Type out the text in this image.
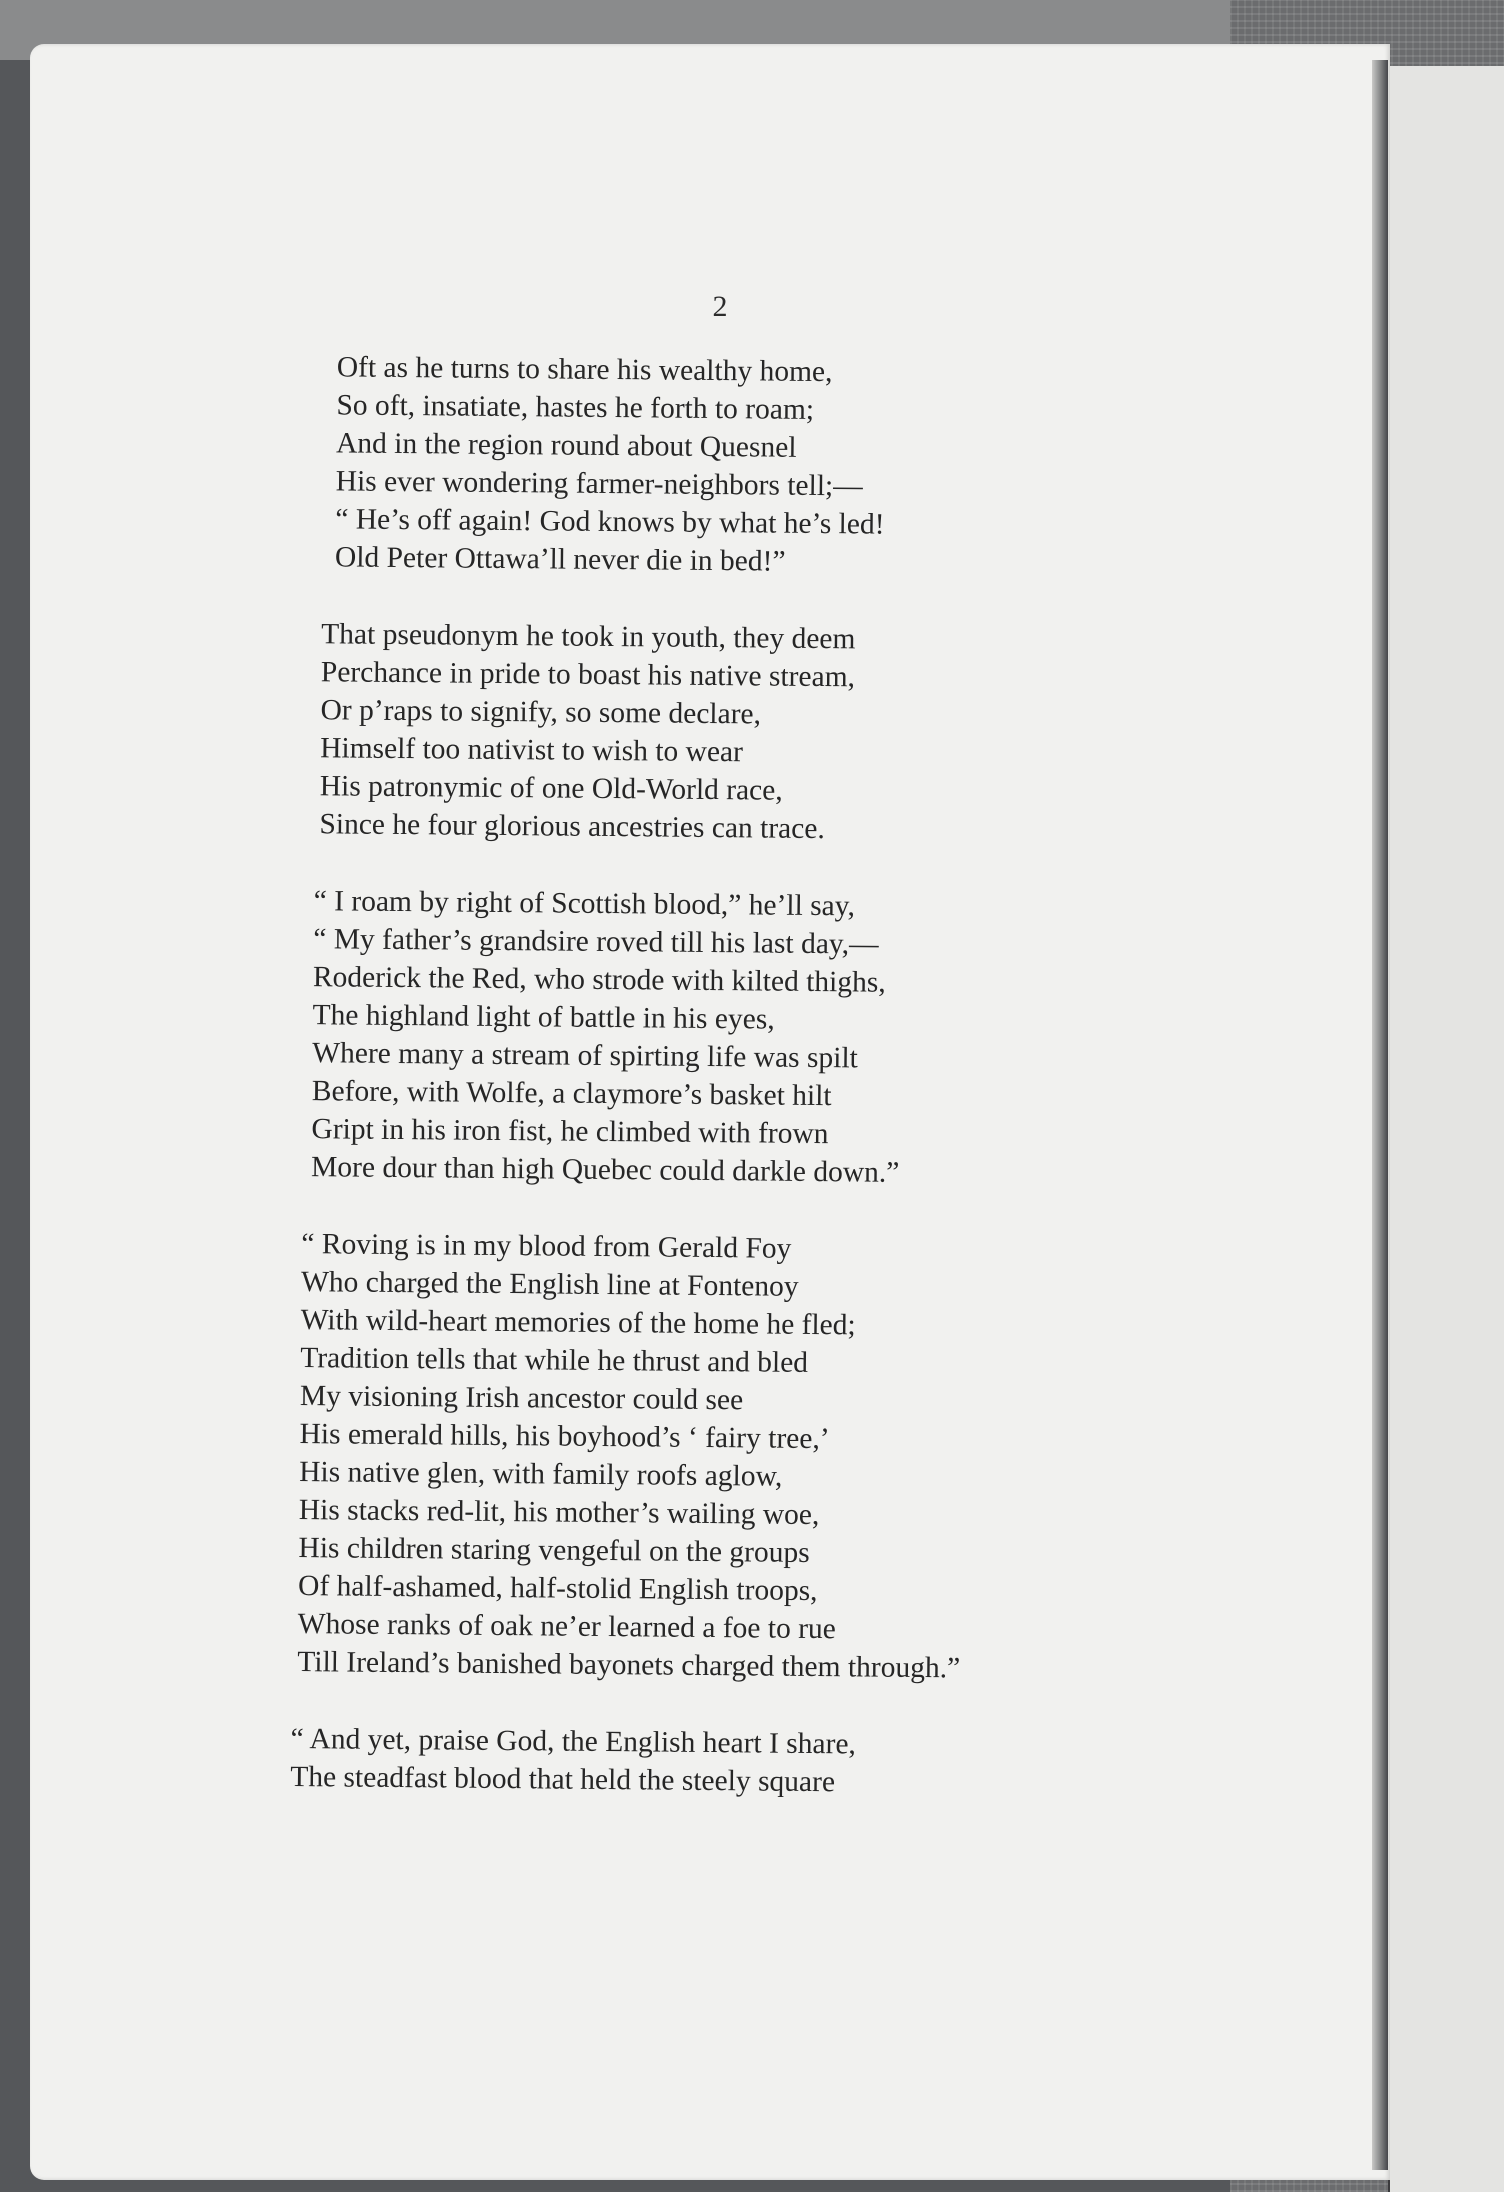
2
Oft as he turns to share his wealthy home,
So oft, insatiate, hastes he forth to roam;
And in the region round about Quesnel
His ever wondering farmer-neighbors tell;—
“ He’s off again! God knows by what he’s led!
Old Peter Ottawa’ll never die in bed!”
That pseudonym he took in youth, they deem
Perchance in pride to boast his native stream,
Or p’raps to signify, so some declare,
Himself too nativist to wish to wear
His patronymic of one Old-World race,
Since he four glorious ancestries can trace.
“ I roam by right of Scottish blood,” he’ll say,
“ My father’s grandsire roved till his last day,—
Roderick the Red, who strode with kilted thighs,
The highland light of battle in his eyes,
Where many a stream of spirting life was spilt
Before, with Wolfe, a claymore’s basket hilt
Gript in his iron fist, he climbed with frown
More dour than high Quebec could darkle down.”
“ Roving is in my blood from Gerald Foy
Who charged the English line at Fontenoy
With wild-heart memories of the home he fled;
Tradition tells that while he thrust and bled
My visioning Irish ancestor could see
His emerald hills, his boyhood’s ‘ fairy tree,’
His native glen, with family roofs aglow,
His stacks red-lit, his mother’s wailing woe,
His children staring vengeful on the groups
Of half-ashamed, half-stolid English troops,
Whose ranks of oak ne’er learned a foe to rue
Till Ireland’s banished bayonets charged them through.”
“ And yet, praise God, the English heart I share,
The steadfast blood that held the steely square
